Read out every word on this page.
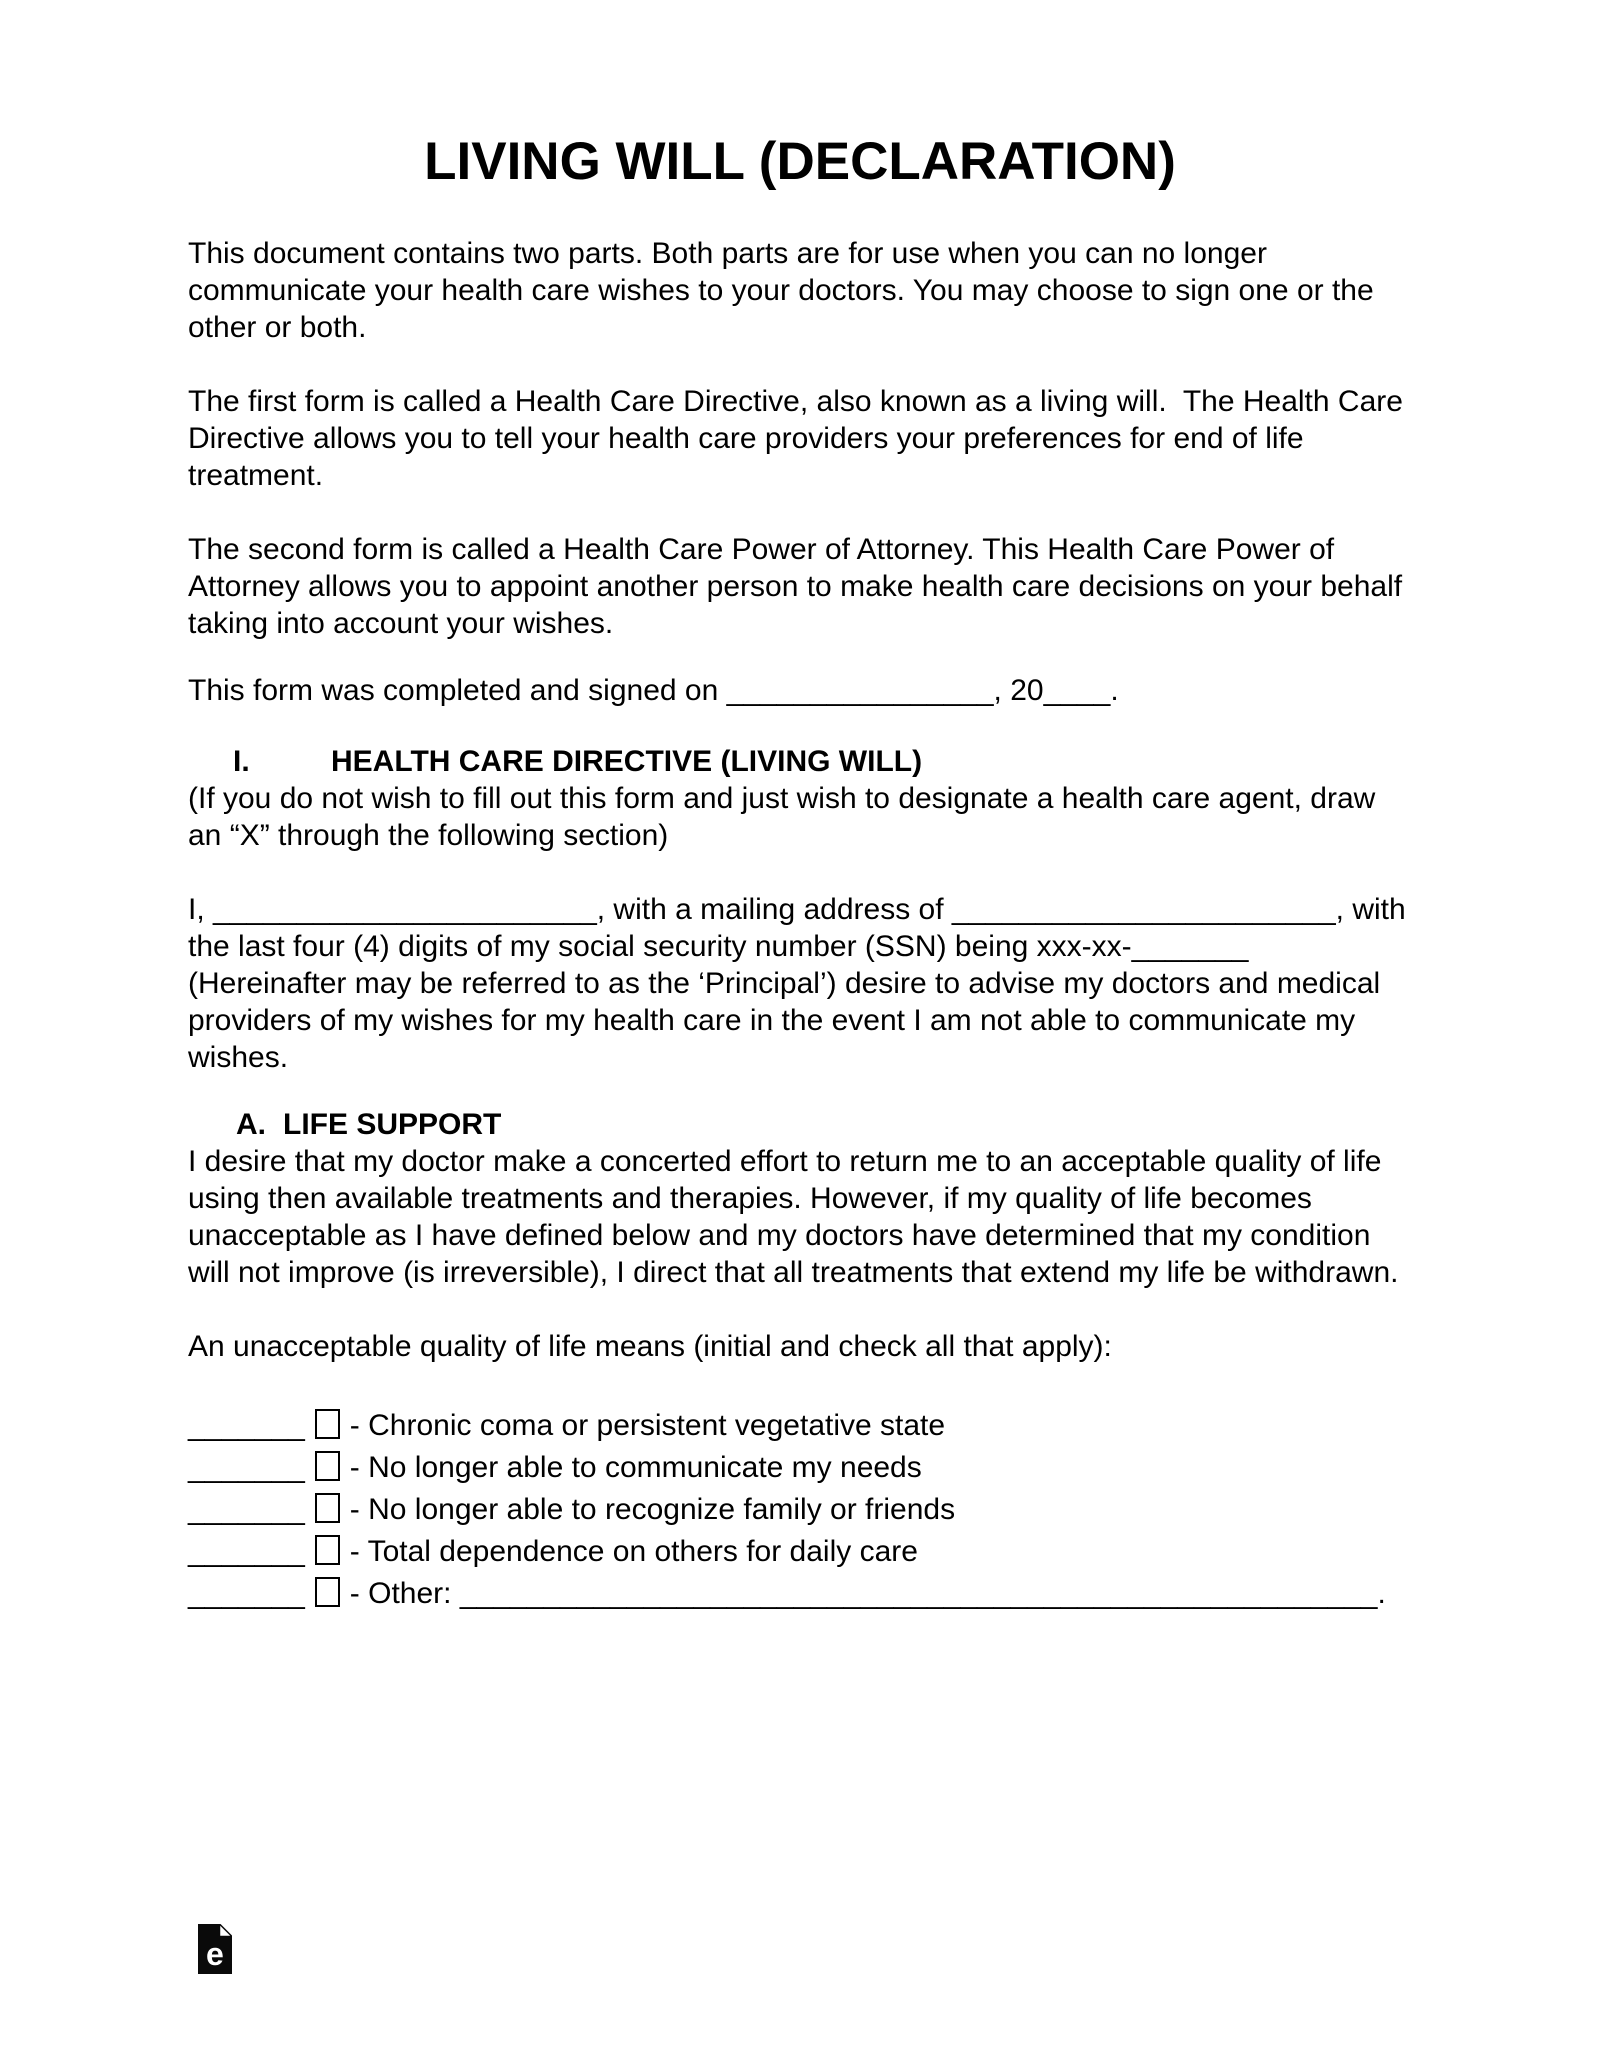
LIVING WILL (DECLARATION)

This document contains two parts. Both parts are for use when you can no longer communicate your health care wishes to your doctors. You may choose to sign one or the other or both.

The first form is called a Health Care Directive, also known as a living will.  The Health Care Directive allows you to tell your health care providers your preferences for end of life treatment.

The second form is called a Health Care Power of Attorney. This Health Care Power of Attorney allows you to appoint another person to make health care decisions on your behalf taking into account your wishes.

This form was completed and signed on ________________, 20____.

I.	HEALTH CARE DIRECTIVE (LIVING WILL)

(If you do not wish to fill out this form and just wish to designate a health care agent, draw an “X” through the following section)

I, _______________________, with a mailing address of _______________________, with the last four (4) digits of my social security number (SSN) being xxx-xx-_______ (Hereinafter may be referred to as the ‘Principal’) desire to advise my doctors and medical providers of my wishes for my health care in the event I am not able to communicate my wishes.

A. LIFE SUPPORT

I desire that my doctor make a concerted effort to return me to an acceptable quality of life using then available treatments and therapies. However, if my quality of life becomes unacceptable as I have defined below and my doctors have determined that my condition will not improve (is irreversible), I direct that all treatments that extend my life be withdrawn.

An unacceptable quality of life means (initial and check all that apply):

_______ - Chronic coma or persistent vegetative state
_______ - No longer able to communicate my needs
_______ - No longer able to recognize family or friends
_______ - Total dependence on others for daily care
_______ - Other: _______________________________________________________.
e
